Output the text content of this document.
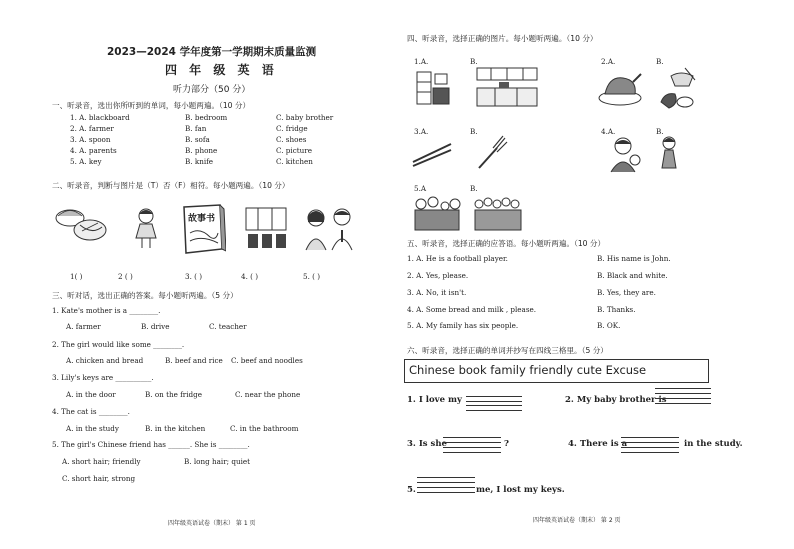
2023—2024 学年度第一学期期末质量监测
四 年 级 英 语
听力部分（50 分）
一、听录音，选出你所听到的单词，每小题两遍。（10 分）
1. A. blackboard	B. bedroom	C. baby brother
2. A. farmer	B. fan	C. fridge
3. A. spoon	B. sofa	C. shoes
4. A. parents	B. phone	C. picture
5. A. key	B. knife	C. kitchen
二、听录音，判断与图片是（T）否（F）相符。每小题两遍。（10 分）
故事书
1( )	2 ( )	3. ( )	4. ( )	5. ( )
三、听对话，选出正确的答案。每小题听两遍。（5 分）
1. Kate's mother is a ________.
A. farmer	B. drive	C. teacher
2. The girl would like some ________.
A. chicken and bread	B. beef and rice C. beef and noodles
3. Lily's keys are __________.
A. in the door	B. on the fridge	C. near the phone
4. The cat is ________.
A. in the study	B. in the kitchen	C. in the bathroom
5. The girl's Chinese friend has ______. She is ________.
A. short hair; friendly	B. long hair; quiet
C. short hair, strong
四年级英语试卷（期末） 第 1 页
四、听录音，选择正确的图片。每小题听两遍。（10 分）
1.A.	B.	2.A.	B.
3.A.	B.	4.A.	B.
5.A	B.
五、听录音，选择正确的应答语。每小题听两遍。（10 分）
1. A. He is a football player.	B. His name is John.
2. A. Yes, please.	B. Black and white.
3. A. No, it isn't.	B. Yes, they are.
4. A. Some bread and milk , please.	B. Thanks.
5. A. My family has six people.	B. OK.
六、听录音，选择正确的单词并抄写在四线三格里。（5 分）
Chinese book family friendly cute Excuse
1. I love my	2. My baby brother is
3. Is she	?	4. There is a	in the study.
5.	me, I lost my keys.
四年级英语试卷（期末） 第 2 页
